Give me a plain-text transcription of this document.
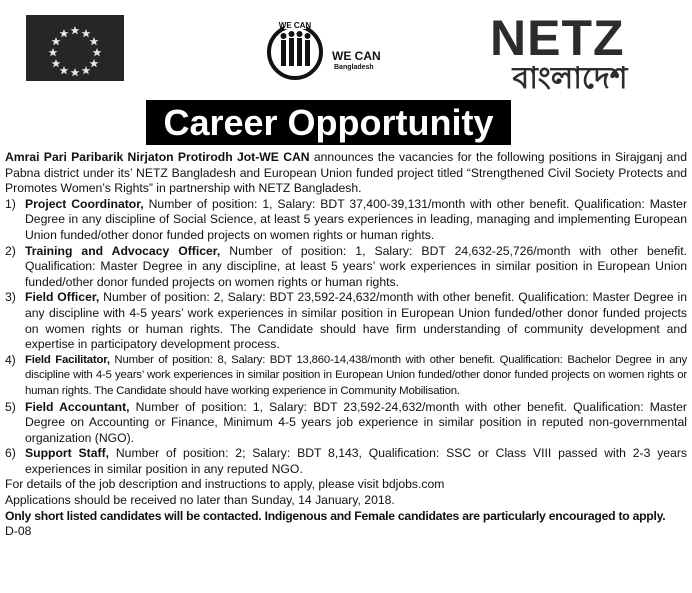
WE CAN
WE CAN
Bangladesh
NETZ
বাংলাদেশ
Career Opportunity

Amrai Pari Paribarik Nirjaton Protirodh Jot-WE CAN announces the vacancies for the following positions in Sirajganj and Pabna district under its’ NETZ Bangladesh and European Union funded project titled “Strengthened Civil Society Protects and Promotes Women’s Rights” in partnership with NETZ Bangladesh.

1) Project Coordinator, Number of position: 1, Salary: BDT 37,400-39,131/month with other benefit. Qualification: Master Degree in any discipline of Social Science, at least 5 years experiences in leading, managing and implementing European Union funded/other donor funded projects on women rights or human rights.
2) Training and Advocacy Officer, Number of position: 1, Salary: BDT 24,632-25,726/month with other benefit. Qualification: Master Degree in any discipline, at least 5 years’ work experiences in similar position in European Union funded/other donor funded projects on women rights or human rights.
3) Field Officer, Number of position: 2, Salary: BDT 23,592-24,632/month with other benefit. Qualification: Master Degree in any discipline with 4-5 years’ work experiences in similar position in European Union funded/other donor funded projects on women rights or human rights. The Candidate should have firm understanding of community development and expertise in participatory development process.
4) Field Facilitator, Number of position: 8, Salary: BDT 13,860-14,438/month with other benefit. Qualification: Bachelor Degree in any discipline with 4-5 years’ work experiences in similar position in European Union funded/other donor funded projects on women rights or human rights. The Candidate should have working experience in Community Mobilisation.
5) Field Accountant, Number of position: 1, Salary: BDT 23,592-24,632/month with other benefit. Qualification: Master Degree on Accounting or Finance, Minimum 4-5 years job experience in similar position in reputed non-governmental organization (NGO).
6) Support Staff, Number of position: 2; Salary: BDT 8,143, Qualification: SSC or Class VIII passed with 2-3 years experiences in similar position in any reputed NGO.

For details of the job description and instructions to apply, please visit bdjobs.com

Applications should be received no later than Sunday, 14 January, 2018.

Only short listed candidates will be contacted. Indigenous and Female candidates are particularly encouraged to apply.

D-08
